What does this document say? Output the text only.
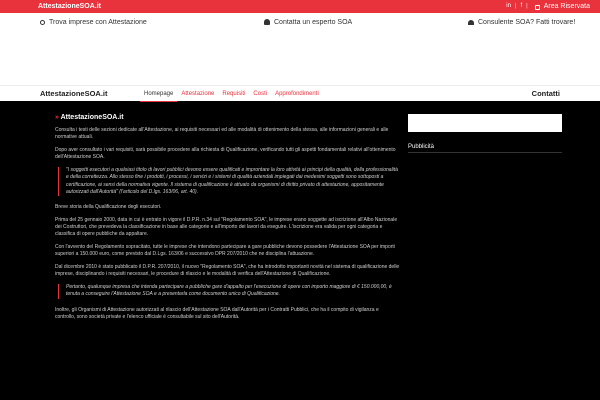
AttestazioneSOA.it	in | f | Area Riservata
Trova imprese con Attestazione	Contatta un esperto SOA	Consulente SOA? Fatti trovare!
AttestazioneSOA.it	Homepage	Attestazione	Requisiti	Costi	Approfondimenti	Contatti
» AttestazioneSOA.it

Consulta i testi delle sezioni dedicate all'Attestazione, ai requisiti necessari ed alle modalità di ottenimento della stessa, alle informazioni generali e alle normative attuali.

Dopo aver consultato i vari requisiti, sarà possibile procedere alla richiesta di Qualificazione, verificando tutti gli aspetti fondamentali relativi all'ottenimento dell'Attestazione SOA.

"I soggetti esecutori a qualsiasi titolo di lavori pubblici devono essere qualificati e improntare la loro attività ai principi della qualità, della professionalità e della correttezza. Allo stesso fine i prodotti, i processi, i servizi e i sistemi di qualità aziendali impiegati dai medesimi soggetti sono sottoposti a certificazione, ai sensi della normativa vigente. Il sistema di qualificazione è attuato da organismi di diritto privato di attestazione, appositamente autorizzati dall'Autorità" (l'articolo del D.lgs. 163/06, art. 40).

Breve storia della Qualificazione degli esecutori.

Prima del 25 gennaio 2000, data in cui è entrato in vigore il D.P.R. n.34 sul "Regolamento SOA", le imprese erano soggette ad iscrizione all'Albo Nazionale dei Costruttori, che prevedeva la classificazione in base alle categorie e all'importo dei lavori da eseguire. L'iscrizione era valida per ogni categoria e classifica di opere pubbliche da appaltare.

Con l'avvento del Regolamento sopracitato, tutte le imprese che intendono partecipare a gare pubbliche devono possedere l'Attestazione SOA per importi superiori a 150.000 euro, come previsto dal D.Lgs. 163/06 e successivo DPR 207/2010 che ne disciplina l'attuazione.

Dal dicembre 2010 è stato pubblicato il D.P.R. 207/2010, il nuovo "Regolamento SOA", che ha introdotto importanti novità nel sistema di qualificazione delle imprese, disciplinando i requisiti necessari, le procedure di rilascio e le modalità di verifica dell'Attestazione di Qualificazione.

Pertanto, qualunque impresa che intenda partecipare a pubbliche gare d'appalto per l'esecuzione di opere con importo maggiore di € 150.000,00, è tenuta a conseguire l'Attestazione SOA e a presentarla come documento unico di Qualificazione.

Inoltre, gli Organismi di Attestazione autorizzati al rilascio dell'Attestazione SOA dall'Autorità per i Contratti Pubblici, che ha il compito di vigilanza e controllo, sono società private e l'elenco ufficiale è consultabile sul sito dell'Autorità.

Pubblicità
